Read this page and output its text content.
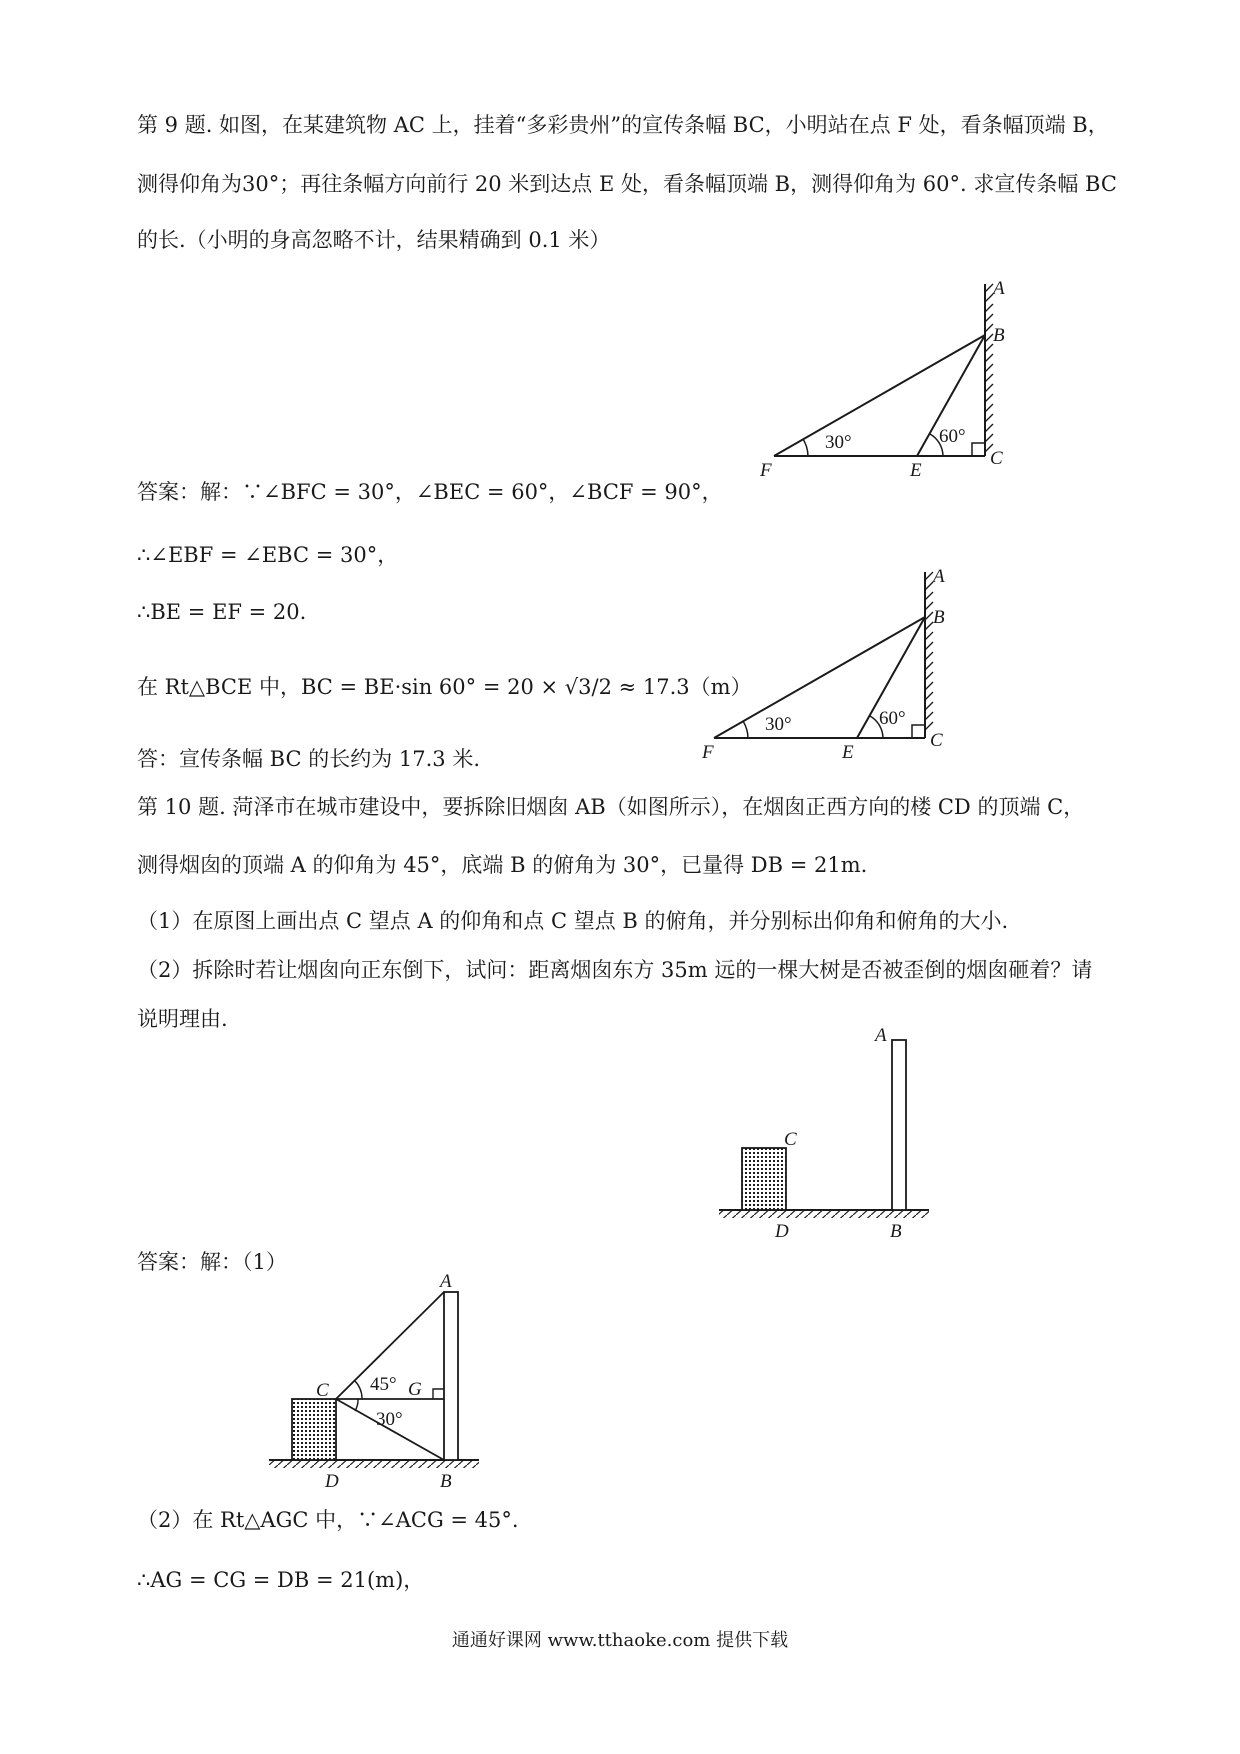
第 9 题. 如图，在某建筑物 AC 上，挂着“多彩贵州”的宣传条幅 BC，小明站在点 F 处，看条幅顶端 B，
测得仰角为30°；再往条幅方向前行 20 米到达点 E 处，看条幅顶端 B，测得仰角为 60°. 求宣传条幅 BC
的长.（小明的身高忽略不计，结果精确到 0.1 米）
A
B
C
E
F
30°	60°
答案：解：∵∠BFC = 30°，∠BEC = 60°，∠BCF = 90°，
∴∠EBF = ∠EBC = 30°，
∴BE = EF = 20.
在 Rt△BCE 中，BC = BE·sin 60° = 20 × √3/2 ≈ 17.3（m）
答：宣传条幅 BC 的长约为 17.3 米.
A
B
C
E
F
30°	60°
第 10 题. 菏泽市在城市建设中，要拆除旧烟囱 AB（如图所示），在烟囱正西方向的楼 CD 的顶端 C，
测得烟囱的顶端 A 的仰角为 45°，底端 B 的俯角为 30°，已量得 DB = 21m.
（1）在原图上画出点 C 望点 A 的仰角和点 C 望点 B 的俯角，并分别标出仰角和俯角的大小.
（2）拆除时若让烟囱向正东倒下，试问：距离烟囱东方 35m 远的一棵大树是否被歪倒的烟囱砸着？请
说明理由.
A
C
D	B
答案：解：（1）
A
C	G
D	B
45°
30°
（2）在 Rt△AGC 中，∵∠ACG = 45°.
∴AG = CG = DB = 21(m)，
通通好课网 www.tthaoke.com 提供下载
